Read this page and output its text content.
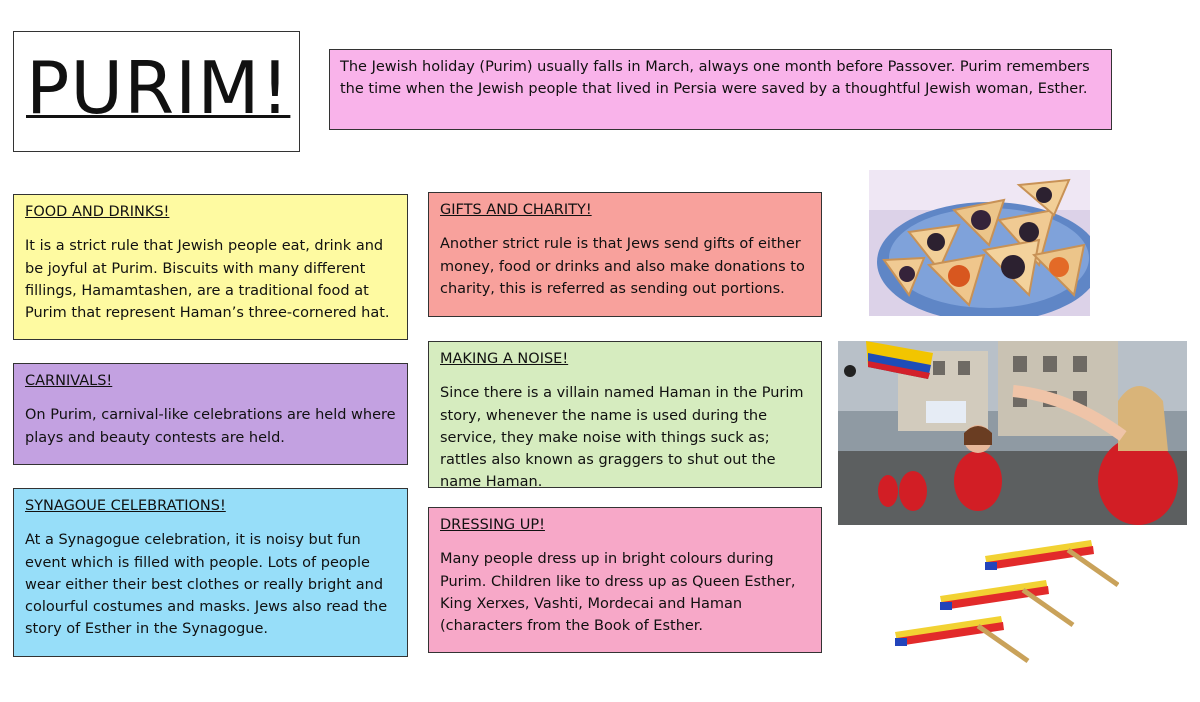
PURIM!	The Jewish holiday (Purim) usually falls in March, always one month before Passover. Purim remembers the time when the Jewish people that lived in Persia were saved by a thoughtful Jewish woman, Esther.
FOOD AND DRINKS!
It is a strict rule that Jewish people eat, drink and be joyful at Purim. Biscuits with many different fillings, Hamamtashen, are a traditional food at Purim that represent Haman’s three-cornered hat.
CARNIVALS!
On Purim, carnival-like celebrations are held where plays and beauty contests are held.
SYNAGOUE CELEBRATIONS!
At a Synagogue celebration, it is noisy but fun event which is filled with people. Lots of people wear either their best clothes or really bright and colourful costumes and masks. Jews also read the story of Esther in the Synagogue.
GIFTS AND CHARITY!
Another strict rule is that Jews send gifts of either money, food or drinks and also make donations to charity, this is referred as sending out portions.
MAKING A NOISE!
Since there is a villain named Haman in the Purim story, whenever the name is used during the service, they make noise with things suck as; rattles also known as graggers to shut out the name Haman.
DRESSING UP!
Many people dress up in bright colours during Purim. Children like to dress up as Queen Esther, King Xerxes, Vashti, Mordecai and Haman (characters from the Book of Esther.
